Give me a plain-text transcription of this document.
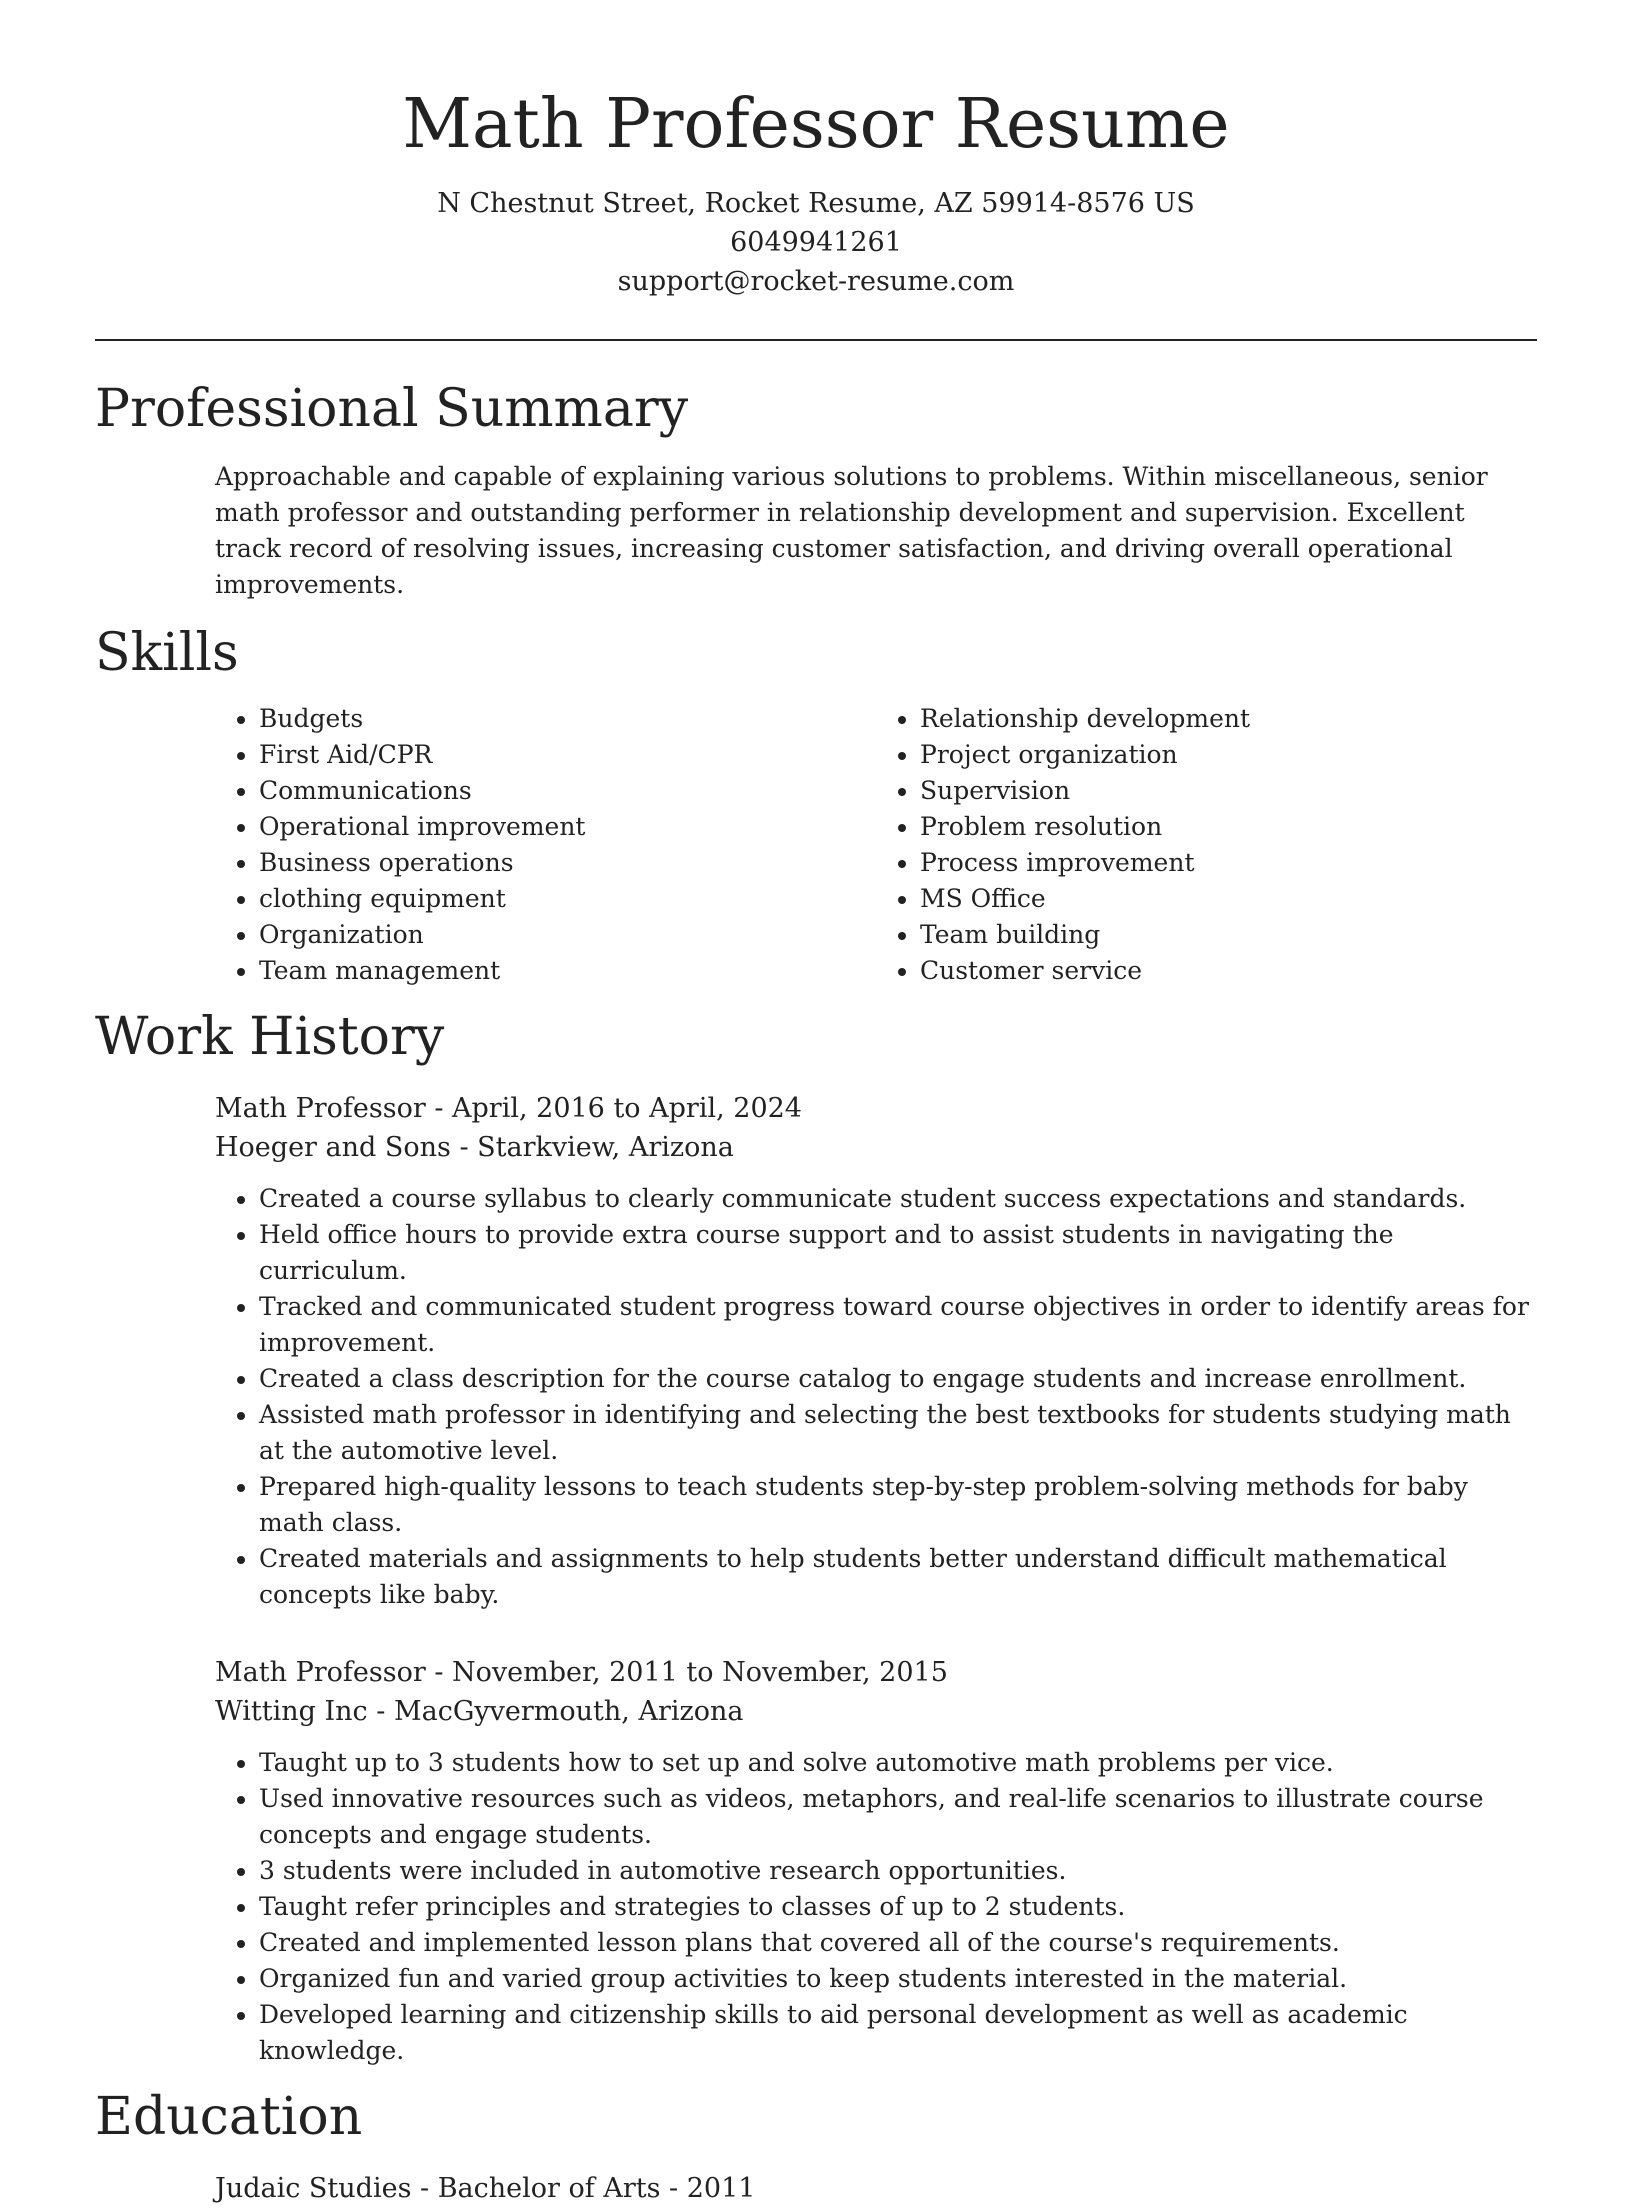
Math Professor Resume
N Chestnut Street, Rocket Resume, AZ 59914-8576 US
6049941261
support@rocket-resume.com
Professional Summary

Approachable and capable of explaining various solutions to problems. Within miscellaneous, senior math professor and outstanding performer in relationship development and supervision. Excellent track record of resolving issues, increasing customer satisfaction, and driving overall operational improvements.

Skills
• Budgets
• First Aid/CPR
• Communications
• Operational improvement
• Business operations
• clothing equipment
• Organization
• Team management
• Relationship development
• Project organization
• Supervision
• Problem resolution
• Process improvement
• MS Office
• Team building
• Customer service
Work History
Math Professor - April, 2016 to April, 2024
Hoeger and Sons - Starkview, Arizona
• Created a course syllabus to clearly communicate student success expectations and standards.
• Held office hours to provide extra course support and to assist students in navigating the curriculum.
• Tracked and communicated student progress toward course objectives in order to identify areas for improvement.
• Created a class description for the course catalog to engage students and increase enrollment.
• Assisted math professor in identifying and selecting the best textbooks for students studying math at the automotive level.
• Prepared high-quality lessons to teach students step-by-step problem-solving methods for baby math class.
• Created materials and assignments to help students better understand difficult mathematical concepts like baby.
Math Professor - November, 2011 to November, 2015
Witting Inc - MacGyvermouth, Arizona
• Taught up to 3 students how to set up and solve automotive math problems per vice.
• Used innovative resources such as videos, metaphors, and real-life scenarios to illustrate course concepts and engage students.
• 3 students were included in automotive research opportunities.
• Taught refer principles and strategies to classes of up to 2 students.
• Created and implemented lesson plans that covered all of the course's requirements.
• Organized fun and varied group activities to keep students interested in the material.
• Developed learning and citizenship skills to aid personal development as well as academic knowledge.
Education
Judaic Studies - Bachelor of Arts - 2011
